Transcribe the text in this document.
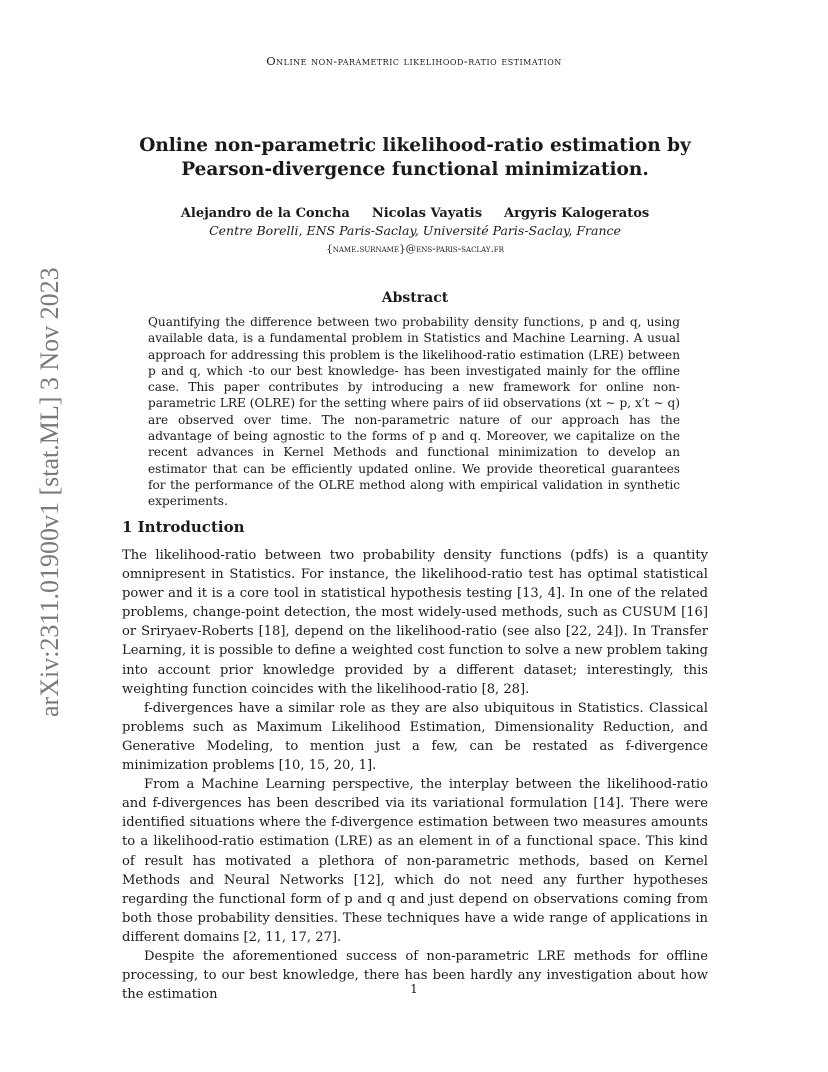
Online non-parametric likelihood-ratio estimation
arXiv:2311.01900v1 [stat.ML] 3 Nov 2023
Online non-parametric likelihood-ratio estimation by
Pearson-divergence functional minimization.
Alejandro de la Concha Nicolas Vayatis Argyris Kalogeratos
Centre Borelli, ENS Paris-Saclay, Université Paris-Saclay, France
{name.surname}@ens-paris-saclay.fr
Abstract
Quantifying the difference between two probability density functions, p and q, using available data, is a fundamental problem in Statistics and Machine Learning. A usual approach for addressing this problem is the likelihood-ratio estimation (LRE) between p and q, which -to our best knowledge- has been investigated mainly for the offline case. This paper contributes by introducing a new framework for online non-parametric LRE (OLRE) for the setting where pairs of iid observations (xt ∼ p, x′t ∼ q) are observed over time. The non-parametric nature of our approach has the advantage of being agnostic to the forms of p and q. Moreover, we capitalize on the recent advances in Kernel Methods and functional minimization to develop an estimator that can be efficiently updated online. We provide theoretical guarantees for the performance of the OLRE method along with empirical validation in synthetic experiments.
1 Introduction

The likelihood-ratio between two probability density functions (pdfs) is a quantity omnipresent in Statistics. For instance, the likelihood-ratio test has optimal statistical power and it is a core tool in statistical hypothesis testing [13, 4]. In one of the related problems, change-point detection, the most widely-used methods, such as CUSUM [16] or Sriryaev-Roberts [18], depend on the likelihood-ratio (see also [22, 24]). In Transfer Learning, it is possible to define a weighted cost function to solve a new problem taking into account prior knowledge provided by a different dataset; interestingly, this weighting function coincides with the likelihood-ratio [8, 28].

f-divergences have a similar role as they are also ubiquitous in Statistics. Classical problems such as Maximum Likelihood Estimation, Dimensionality Reduction, and Generative Modeling, to mention just a few, can be restated as f-divergence minimization problems [10, 15, 20, 1].

From a Machine Learning perspective, the interplay between the likelihood-ratio and f-divergences has been described via its variational formulation [14]. There were identified situations where the f-divergence estimation between two measures amounts to a likelihood-ratio estimation (LRE) as an element in of a functional space. This kind of result has motivated a plethora of non-parametric methods, based on Kernel Methods and Neural Networks [12], which do not need any further hypotheses regarding the functional form of p and q and just depend on observations coming from both those probability densities. These techniques have a wide range of applications in different domains [2, 11, 17, 27].

Despite the aforementioned success of non-parametric LRE methods for offline processing, to our best knowledge, there has been hardly any investigation about how the estimation	1
